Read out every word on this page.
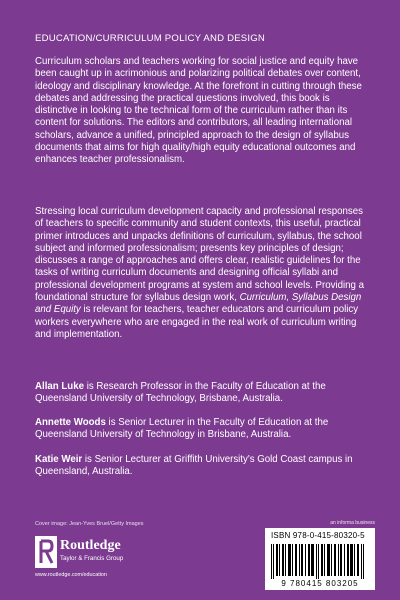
EDUCATION/CURRICULUM POLICY AND DESIGN
Curriculum scholars and teachers working for social justice and equity have been caught up in acrimonious and polarizing political debates over content, ideology and disciplinary knowledge. At the forefront in cutting through these debates and addressing the practical questions involved, this book is distinctive in looking to the technical form of the curriculum rather than its content for solutions. The editors and contributors, all leading international scholars, advance a unified, principled approach to the design of syllabus documents that aims for high quality/high equity educational outcomes and enhances teacher professionalism.
Stressing local curriculum development capacity and professional responses of teachers to specific community and student contexts, this useful, practical primer introduces and unpacks definitions of curriculum, syllabus, the school subject and informed professionalism; presents key principles of design; discusses a range of approaches and offers clear, realistic guidelines for the tasks of writing curriculum documents and designing official syllabi and professional development programs at system and school levels. Providing a foundational structure for syllabus design work, Curriculum, Syllabus Design and Equity is relevant for teachers, teacher educators and curriculum policy workers everywhere who are engaged in the real work of curriculum writing and implementation.
Allan Luke is Research Professor in the Faculty of Education at the Queensland University of Technology, Brisbane, Australia.
Annette Woods is Senior Lecturer in the Faculty of Education at the Queensland University of Technology in Brisbane, Australia.
Katie Weir is Senior Lecturer at Griffith University's Gold Coast campus in Queensland, Australia.
Cover image: Jean-Yves Bruel/Getty Images
Routledge
Taylor & Francis Group
www.routledge.com/education
an informa business
ISBN 978-0-415-80320-5
9 780415 803205
